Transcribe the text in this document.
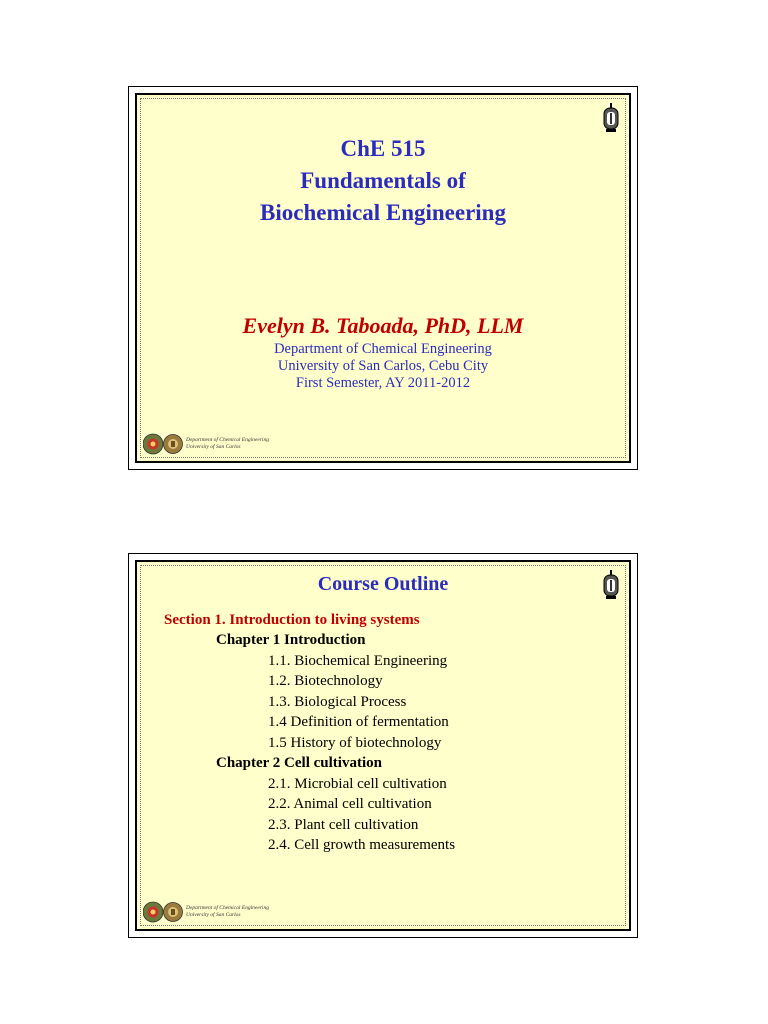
ChE 515
Fundamentals of
Biochemical Engineering
Evelyn B. Taboada, PhD, LLM
Department of Chemical Engineering
University of San Carlos, Cebu City
First Semester, AY 2011-2012
Department of Chemical Engineering
University of San Carlos
Course Outline
Section 1. Introduction to living systems
Chapter 1 Introduction
1.1. Biochemical Engineering
1.2. Biotechnology
1.3. Biological Process
1.4 Definition of fermentation
1.5 History of biotechnology
Chapter 2 Cell cultivation
2.1. Microbial cell cultivation
2.2. Animal cell cultivation
2.3. Plant cell cultivation
2.4. Cell growth measurements
Department of Chemical Engineering
University of San Carlos
